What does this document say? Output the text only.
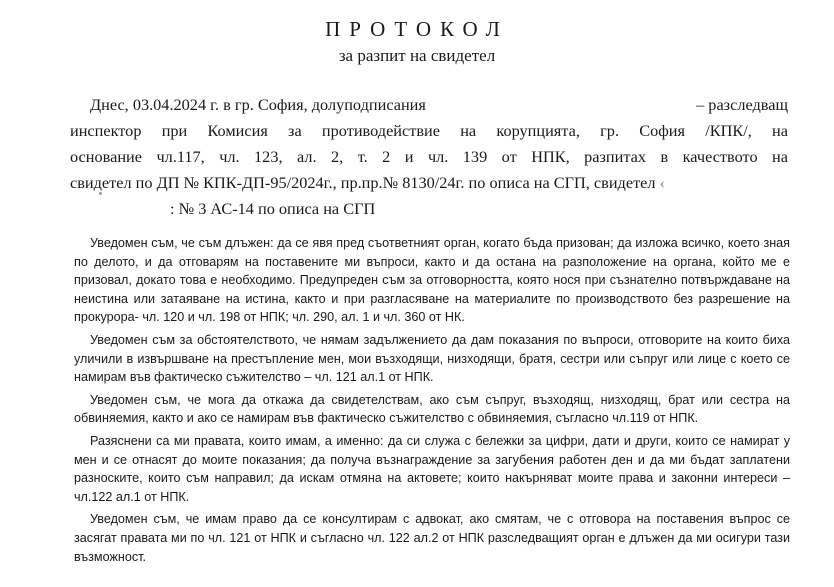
ПРОТОКОЛ
за разпит на свидетел
Днес, 03.04.2024 г. в гр. София, долуподписания	– разследващ
инспектор при Комисия за противодействие на корупцията, гр. София /КПК/, на
основание чл.117, чл. 123, ал. 2, т. 2 и чл. 139 от НПК, разпитах в качеството на
свидетел по ДП № КПК-ДП-95/2024г., пр.пр.№ 8130/24г. по описа на СГП, свидетел ‹
: № 3 АС-14 по описа на СГП

Уведомен съм, че съм длъжен: да се явя пред съответният орган, когато бъда призован; да изложа всичко, което зная по делото, и да отговарям на поставените ми въпроси, както и да остана на разположение на органа, който ме е призовал, докато това е необходимо. Предупреден съм за отговорността, която нося при съзнателно потвърждаване на неистина или затаяване на истина, както и при разгласяване на материалите по производството без разрешение на прокурора- чл. 120 и чл. 198 от НПК; чл. 290, ал. 1 и чл. 360 от НК.

Уведомен съм за обстоятелството, че нямам задължението да дам показания по въпроси, отговорите на които биха уличили в извършване на престъпление мен, мои възходящи, низходящи, братя, сестри или съпруг или лице с което се намирам във фактическо съжителство – чл. 121 ал.1 от НПК.

Уведомен съм, че мога да откажа да свидетелствам, ако съм съпруг, възходящ, низходящ, брат или сестра на обвиняемия, както и ако се намирам във фактическо съжителство с обвиняемия, съгласно чл.119 от НПК.

Разяснени са ми правата, които имам, а именно: да си служа с бележки за цифри, дати и други, които се намират у мен и се отнасят до моите показания; да получа възнаграждение за загубения работен ден и да ми бъдат заплатени разноските, които съм направил; да искам отмяна на актовете; които накърняват моите права и законни интереси – чл.122 ал.1 от НПК.

Уведомен съм, че имам право да се консултирам с адвокат, ако смятам, че с отговора на поставения въпрос се засягат правата ми по чл. 121 от НПК и съгласно чл. 122 ал.2 от НПК разследващият орган е длъжен да ми осигури тази възможност.
